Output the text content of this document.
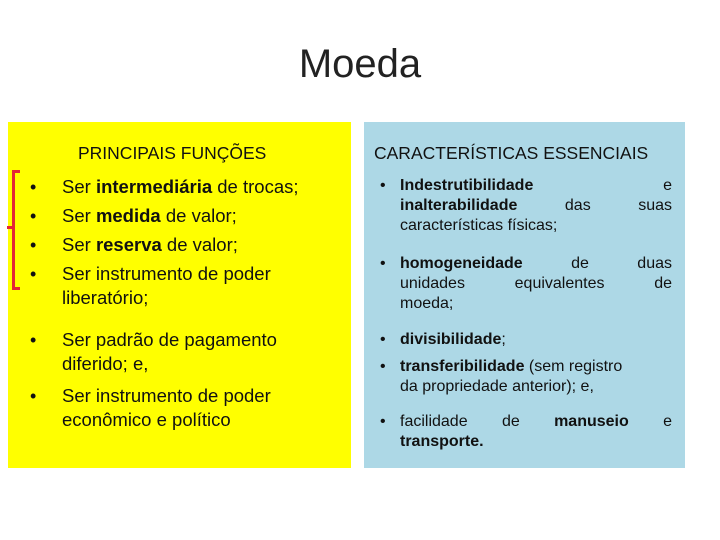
Moeda
PRINCIPAIS FUNÇÕES
• Ser intermediária de trocas;
• Ser medida de valor;
• Ser reserva de valor;
• Ser instrumento de poder
liberatório;
• Ser padrão de pagamento
diferido; e,
• Ser instrumento de poder
econômico e político
CARACTERÍSTICAS ESSENCIAIS
• Indestrutibilidade	e
inalterabilidade	das	suas
características físicas;
• homogeneidade	de	duas
unidades	equivalentes	de
moeda;
• divisibilidade;
• transferibilidade (sem registro
da propriedade anterior); e,
• facilidade de manuseio e
transporte.
